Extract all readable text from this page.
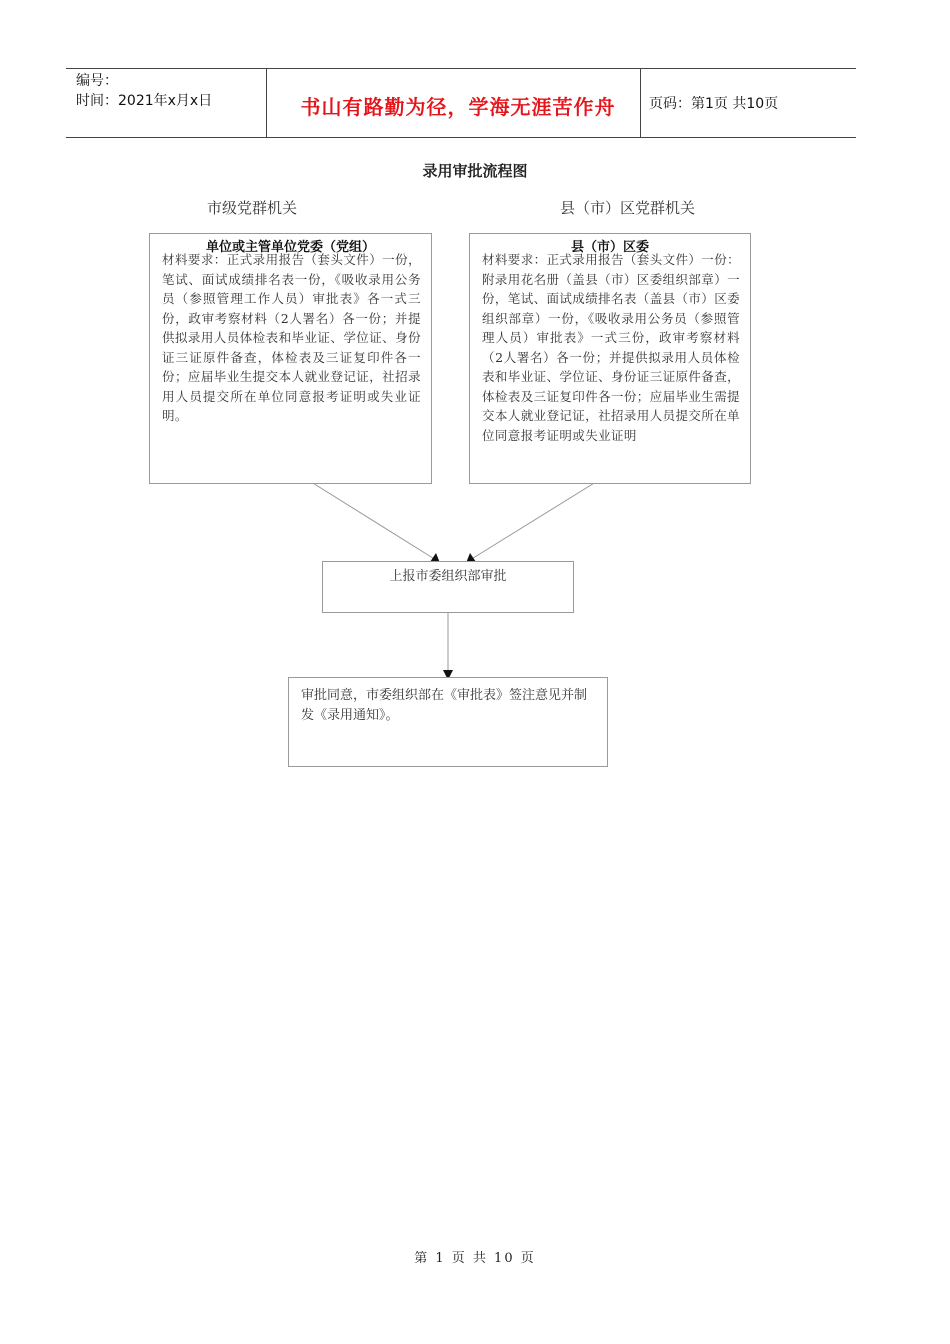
编号：
时间：2021年x月x日	书山有路勤为径，学海无涯苦作舟	页码：第1页 共10页
录用审批流程图
市级党群机关	县（市）区党群机关
单位或主管单位党委（党组）
材料要求：正式录用报告（套头文件）一份，笔试、面试成绩排名表一份，《吸收录用公务员（参照管理工作人员）审批表》各一式三份，政审考察材料（2人署名）各一份；并提供拟录用人员体检表和毕业证、学位证、身份证三证原件备查，体检表及三证复印件各一份；应届毕业生提交本人就业登记证，社招录用人员提交所在单位同意报考证明或失业证明。
县（市）区委
材料要求：正式录用报告（套头文件）一份：附录用花名册（盖县（市）区委组织部章）一份，笔试、面试成绩排名表（盖县（市）区委组织部章）一份，《吸收录用公务员（参照管理人员）审批表》一式三份，政审考察材料（2人署名）各一份；并提供拟录用人员体检表和毕业证、学位证、身份证三证原件备查，体检表及三证复印件各一份；应届毕业生需提交本人就业登记证，社招录用人员提交所在单位同意报考证明或失业证明
上报市委组织部审批
审批同意，市委组织部在《审批表》签注意见并制发《录用通知》。
第 1 页 共 10 页
